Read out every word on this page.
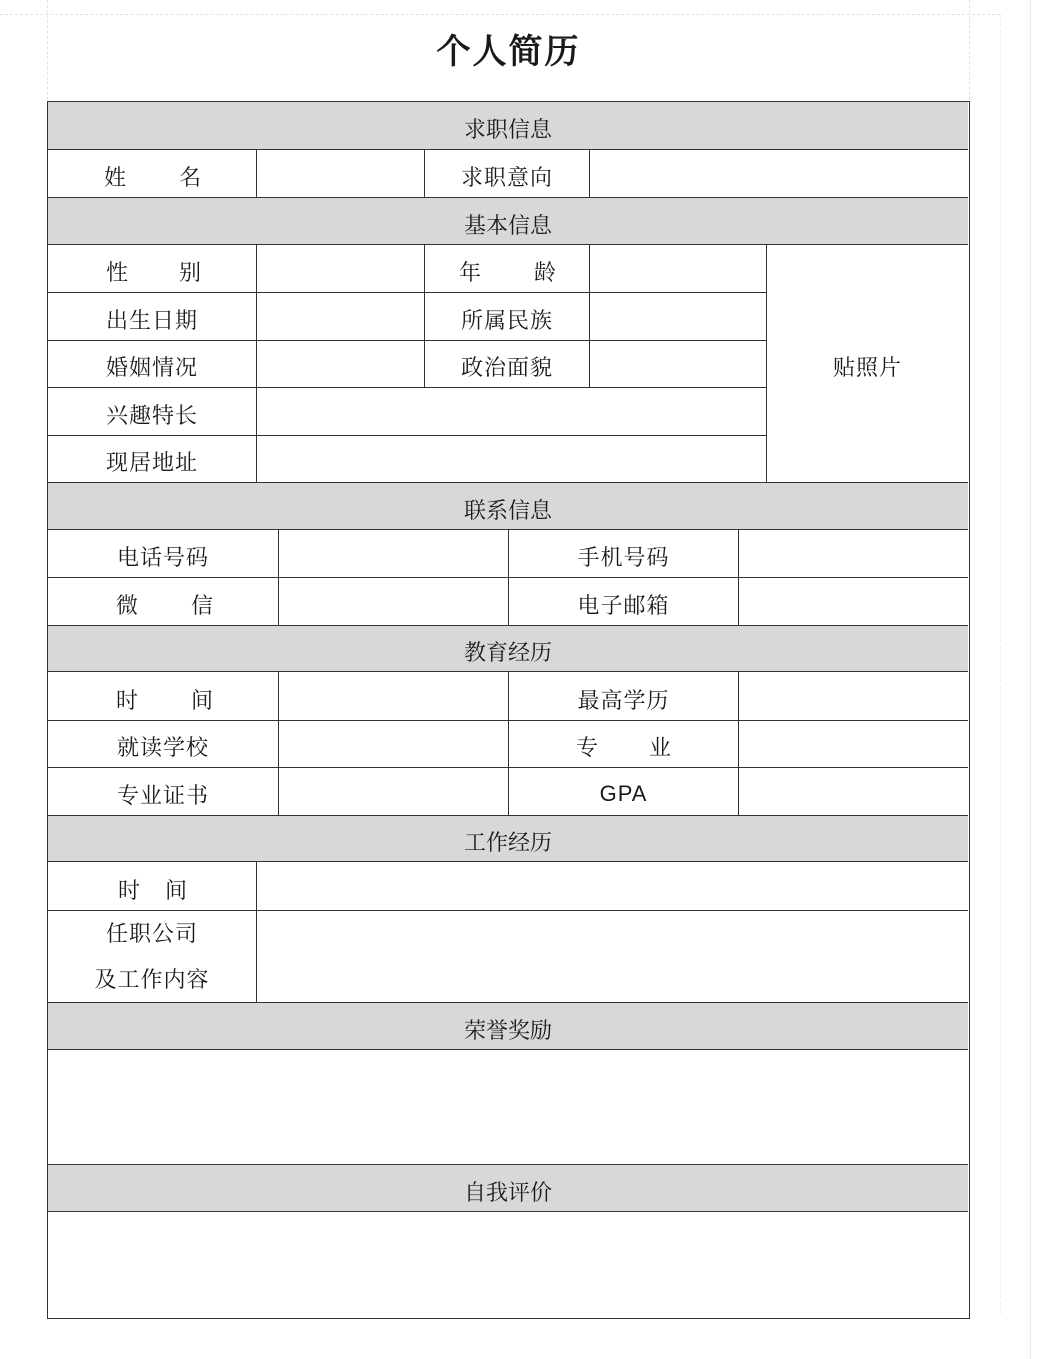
个人简历
求职信息
姓 名	求职意向
基本信息
性 别	年 龄
出生日期	所属民族
婚姻情况	政治面貌
兴趣特长
现居地址
贴照片
联系信息
电话号码	手机号码
微 信	电子邮箱
教育经历
时 间	最高学历
就读学校	专 业
专业证书	GPA
工作经历
时 间
任职公司
及工作内容
荣誉奖励
自我评价
